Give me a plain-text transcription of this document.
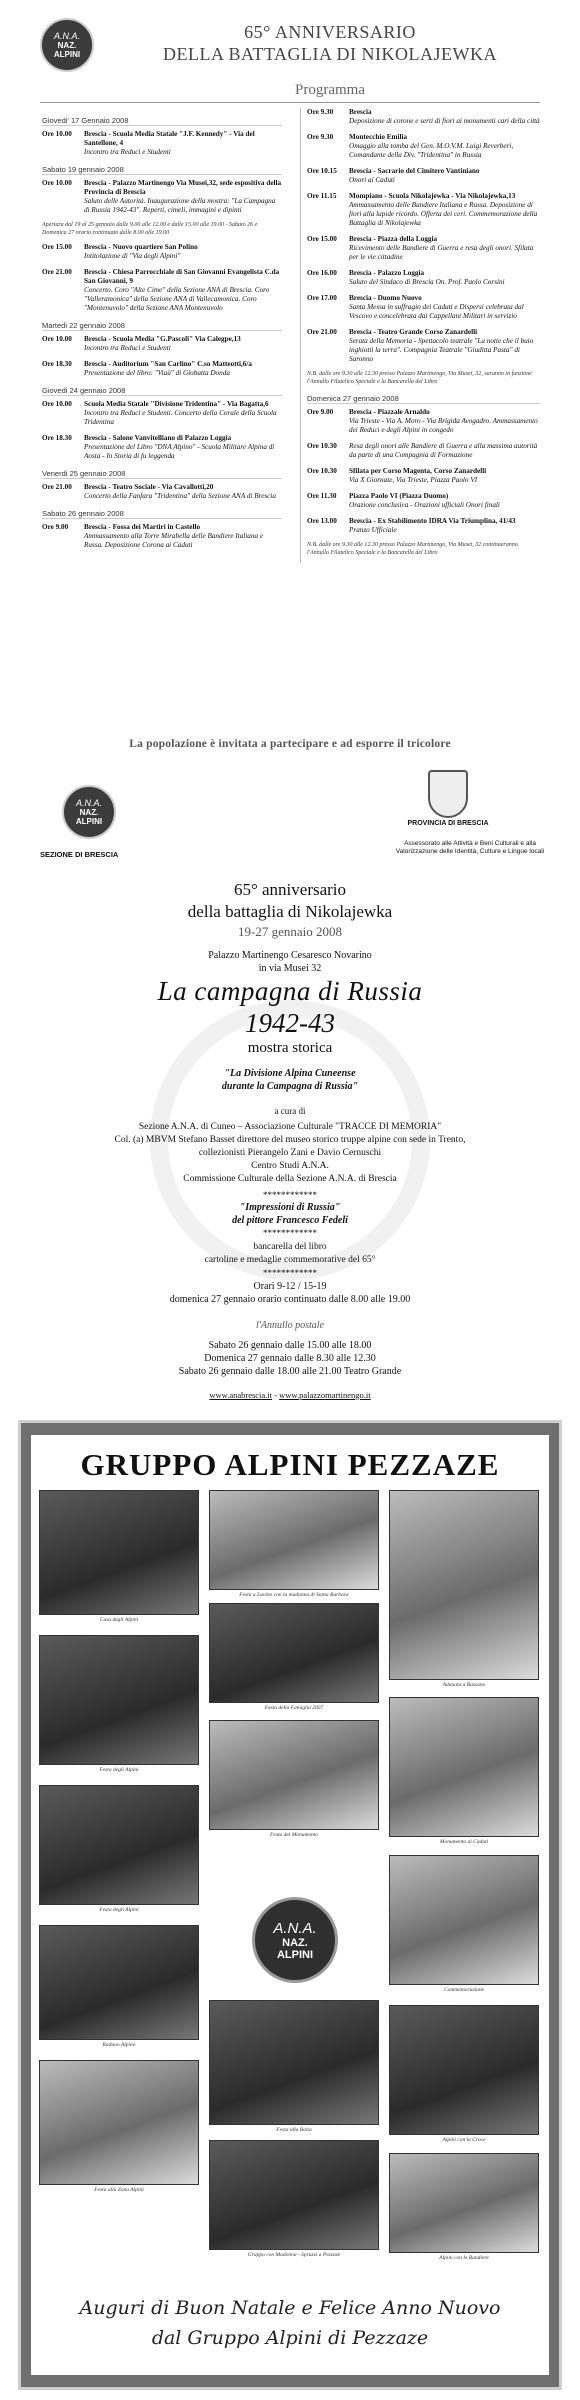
A.N.A.
NAZ.
ALPINI
65° ANNIVERSARIO
DELLA BATTAGLIA DI NIKOLAJEWKA
Programma
Giovedi' 17 Gennaio 2008
Ore 10.00	Brescia - Scuola Media Statale "J.F. Kennedy" - Via del Santellone, 4
Incontro tra Reduci e Studenti
Sabato 19 gennaio 2008
Ore 10.00	Brescia - Palazzo Martinengo Via Musei,32, sede espositiva della Provincia di Brescia
Saluto delle Autorità. Inaugurazione della mostra: "La Campagna di Russia 1942-43". Reperti, cimeli, immagini e dipinti
Apertura dal 19 al 25 gennaio dalle 9.00 alle 12.00 e dalle 15.00 alle 19.00 - Sabato 26 e Domenica 27 orario continuato dalle 8.00 alle 19.00
Ore 15.00	Brescia - Nuovo quartiere San Polino
Intitolazione di "Via degli Alpini"
Ore 21.00	Brescia - Chiesa Parrocchiale di San Giovanni Evangelista C.da San Giovanni, 9
Concerto. Coro "Alte Cime" della Sezione ANA di Brescia. Coro "Valleramonica" della Sezione ANA di Vallecamonica. Coro "Montenuvolo" della Sezione ANA Montenuvolo
Martedi 22 gennaio 2008
Ore 10.00	Brescia - Scuola Media "G.Pascoli" Via Calegpe,13
Incontro tra Reduci e Studenti
Ore 18.30	Brescia - Auditorium "San Carlino" C.so Matteotti,6/a
Presentazione del libro: "Viaù" di Giobatta Donda
Giovedi 24 gennaio 2008
Ore 10.00	Scuola Media Statale "Divisione Tridentina" - Via Bagatta,6
Incontro tra Reduci e Studenti. Concerto della Corale della Scuola Tridentina
Ore 18.30	Brescia - Salone Vanvitelliano di Palazzo Loggia
Presentazione del Libro "DNA Alpino" - Scuola Militare Alpina di Aosta - In Storia di fu leggenda
Venerdi 25 gennaio 2008
Ore 21.00	Brescia - Teatro Sociale - Via Cavallotti,20
Concerto della Fanfara "Tridentina" della Sezione ANA di Brescia
Sabato 26 gennaio 2008
Ore 9.00	Brescia - Fossa dei Martiri in Castello
Ammassamento alla Torre Mirabella delle Bandiere Italiana e Russa. Deposizione Corona ai Caduti
Ore 9.30	Brescia
Deposizione di corone e serti di fiori ai monumenti cari della città
Ore 9.30	Montecchio Emilia
Omaggio alla tomba del Gen. M.O.V.M. Luigi Reverberi, Comandante della Div. "Tridentina" in Russia
Ore 10.15	Brescia - Sacrario del Cimitero Vantiniano
Onori ai Caduti
Ore 11.15	Mompiano - Scuola Nikolajewka - Via Nikolajewka,13
Ammassamento delle Bandiere Italiana e Russa. Deposizione di fiori alla lapide ricordo. Offerta dei ceri. Commemorazione della Battaglia di Nikolajewka
Ore 15.00	Brescia - Piazza della Loggia
Ricevimento delle Bandiere di Guerra e resa degli onori. Sfilata per le vie cittadine
Ore 16.00	Brescia - Palazzo Loggia
Saluto del Sindaco di Brescia On. Prof. Paolo Corsini
Ore 17.00	Brescia - Duomo Nuovo
Santa Messa in suffragio dei Caduti e Dispersi celebrata dal Vescovo e concelebrata dai Cappellani Militari in servizio
Ore 21.00	Brescia - Teatro Grande Corso Zanardelli
Serata della Memoria - Spettacolo teatrale "La notte che il buio inghiottì la terra". Compagnia Teatrale "Giuditta Pasta" di Saronno
N.B. dalle ore 9.30 alle 12.30 presso Palazzo Martinengo, Via Musei, 32, saranno in funzione l'Annullo Filatelico Speciale e la Bancarella del Libro
Domenica 27 gennaio 2008
Ore 9.00	Brescia - Piazzale Arnaldo
Via Trieste - Via A. Moro - Via Brigida Avogadro. Ammassamento dei Reduci e degli Alpini in congedo
Ore 10.30	Resa degli onori alle Bandiere di Guerra e alla massima autorità da parte di una Compagnia di Formazione
Ore 10.30	Sfilata per Corso Magenta, Corso Zanardelli
Via X Giornate, Via Trieste, Piazza Paolo VI
Ore 11.30	Piazza Paolo VI (Piazza Duomo)
Orazione conclusiva - Orazioni ufficiali Onori finali
Ore 13.00	Brescia - Ex Stabilimento IDRA Via Triumplina, 41/43
Pranzo Ufficiale
N.B. dalle ore 9.30 alle 12.30 presso Palazzo Martinengo, Via Musei, 32 continueranno l'Annullo Filatelico Speciale e la Bancarella del Libro
La popolazione è invitata a partecipare e ad esporre il tricolore
A.N.A.
NAZ.
ALPINI
SEZIONE DI BRESCIA
PROVINCIA DI BRESCIA
Assessorato alle Attività e Beni Culturali e alla Valorizzazione delle Identità, Culture e Lingue locali
65° anniversario
della battaglia di Nikolajewka
19-27 gennaio 2008
Palazzo Martinengo Cesaresco Novarino
in via Musei 32
La campagna di Russia
1942-43
mostra storica
"La Divisione Alpina Cuneense
durante la Campagna di Russia"
a cura di
Sezione A.N.A. di Cuneo – Associazione Culturale "TRACCE DI MEMORIA"
Col. (a) MBVM Stefano Basset direttore del museo storico truppe alpine con sede in Trento,
collezionisti Pierangelo Zani e Davio Cernuschi
Centro Studi A.N.A.
Commissione Culturale della Sezione A.N.A. di Brescia
************
"Impressioni di Russia"
del pittore Francesco Fedeli
************
bancarella del libro
cartoline e medaglie commemorative del 65°
************
Orari 9-12 / 15-19
domenica 27 gennaio orario continuato dalle 8.00 alle 19.00
l'Annullo postale
Sabato 26 gennaio dalle 15.00 alle 18.00
Domenica 27 gennaio dalle 8.30 alle 12.30
Sabato 26 gennaio dalle 18.00 alle 21.00 Teatro Grande
www.anabrescia.it - www.palazzomartinengo.it
GRUPPO ALPINI PEZZAZE
Casa degli Alpini
Festa a Lavino con la madonna di Santa Barbara
Festa della Famiglia 2007
Adunata a Bassano
Festa degli Alpini
Festa del Monumento
Monumento ai Caduti
Festa degli Alpini
Raduno Alpino
A.N.A.
NAZ.
ALPINI
Commemorazione
Festa alla Baita
Alpini con la Croce
Festa alla Zona Alpini
Gruppo con Madonna - Spruzzi a Pezzaze	Alpini con le Bandiere
Auguri di Buon Natale e Felice Anno Nuovo
dal Gruppo Alpini di Pezzaze
